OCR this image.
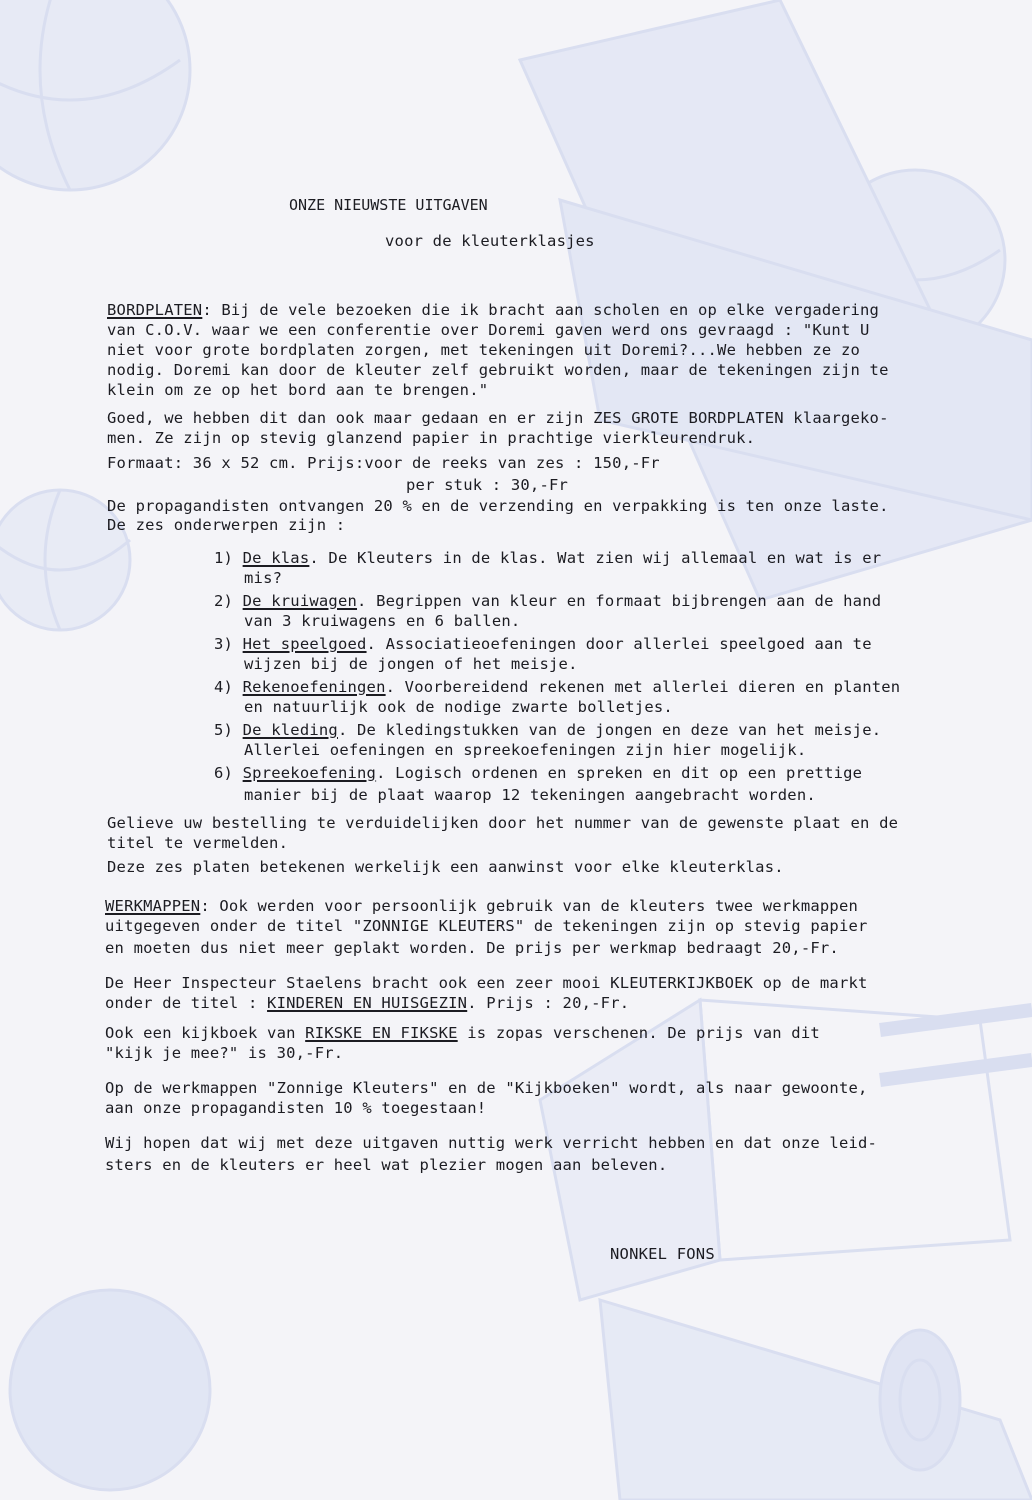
ONZE NIEUWSTE UITGAVEN
voor de kleuterklasjes
BORDPLATEN: Bij de vele bezoeken die ik bracht aan scholen en op elke vergadering
van C.O.V. waar we een conferentie over Doremi gaven werd ons gevraagd : "Kunt U
niet voor grote bordplaten zorgen, met tekeningen uit Doremi?...We hebben ze zo
nodig. Doremi kan door de kleuter zelf gebruikt worden, maar de tekeningen zijn te
klein om ze op het bord aan te brengen."
Goed, we hebben dit dan ook maar gedaan en er zijn ZES GROTE BORDPLATEN klaargeko-
men. Ze zijn op stevig glanzend papier in prachtige vierkleurendruk.
Formaat: 36 x 52 cm. Prijs:voor de reeks van zes : 150,-Fr
per stuk : 30,-Fr
De propagandisten ontvangen 20 % en de verzending en verpakking is ten onze laste.
De zes onderwerpen zijn :
1) De klas. De Kleuters in de klas. Wat zien wij allemaal en wat is er
mis?
2) De kruiwagen. Begrippen van kleur en formaat bijbrengen aan de hand
van 3 kruiwagens en 6 ballen.
3) Het speelgoed. Associatieoefeningen door allerlei speelgoed aan te
wijzen bij de jongen of het meisje.
4) Rekenoefeningen. Voorbereidend rekenen met allerlei dieren en planten
en natuurlijk ook de nodige zwarte bolletjes.
5) De kleding. De kledingstukken van de jongen en deze van het meisje.
Allerlei oefeningen en spreekoefeningen zijn hier mogelijk.
6) Spreekoefening. Logisch ordenen en spreken en dit op een prettige
manier bij de plaat waarop 12 tekeningen aangebracht worden.
Gelieve uw bestelling te verduidelijken door het nummer van de gewenste plaat en de
titel te vermelden.
Deze zes platen betekenen werkelijk een aanwinst voor elke kleuterklas.
WERKMAPPEN: Ook werden voor persoonlijk gebruik van de kleuters twee werkmappen
uitgegeven onder de titel "ZONNIGE KLEUTERS" de tekeningen zijn op stevig papier
en moeten dus niet meer geplakt worden. De prijs per werkmap bedraagt 20,-Fr.
De Heer Inspecteur Staelens bracht ook een zeer mooi KLEUTERKIJKBOEK op de markt
onder de titel : KINDEREN EN HUISGEZIN. Prijs : 20,-Fr.
Ook een kijkboek van RIKSKE EN FIKSKE is zopas verschenen. De prijs van dit
"kijk je mee?" is 30,-Fr.
Op de werkmappen "Zonnige Kleuters" en de "Kijkboeken" wordt, als naar gewoonte,
aan onze propagandisten 10 % toegestaan!
Wij hopen dat wij met deze uitgaven nuttig werk verricht hebben en dat onze leid-
sters en de kleuters er heel wat plezier mogen aan beleven.
NONKEL FONS
